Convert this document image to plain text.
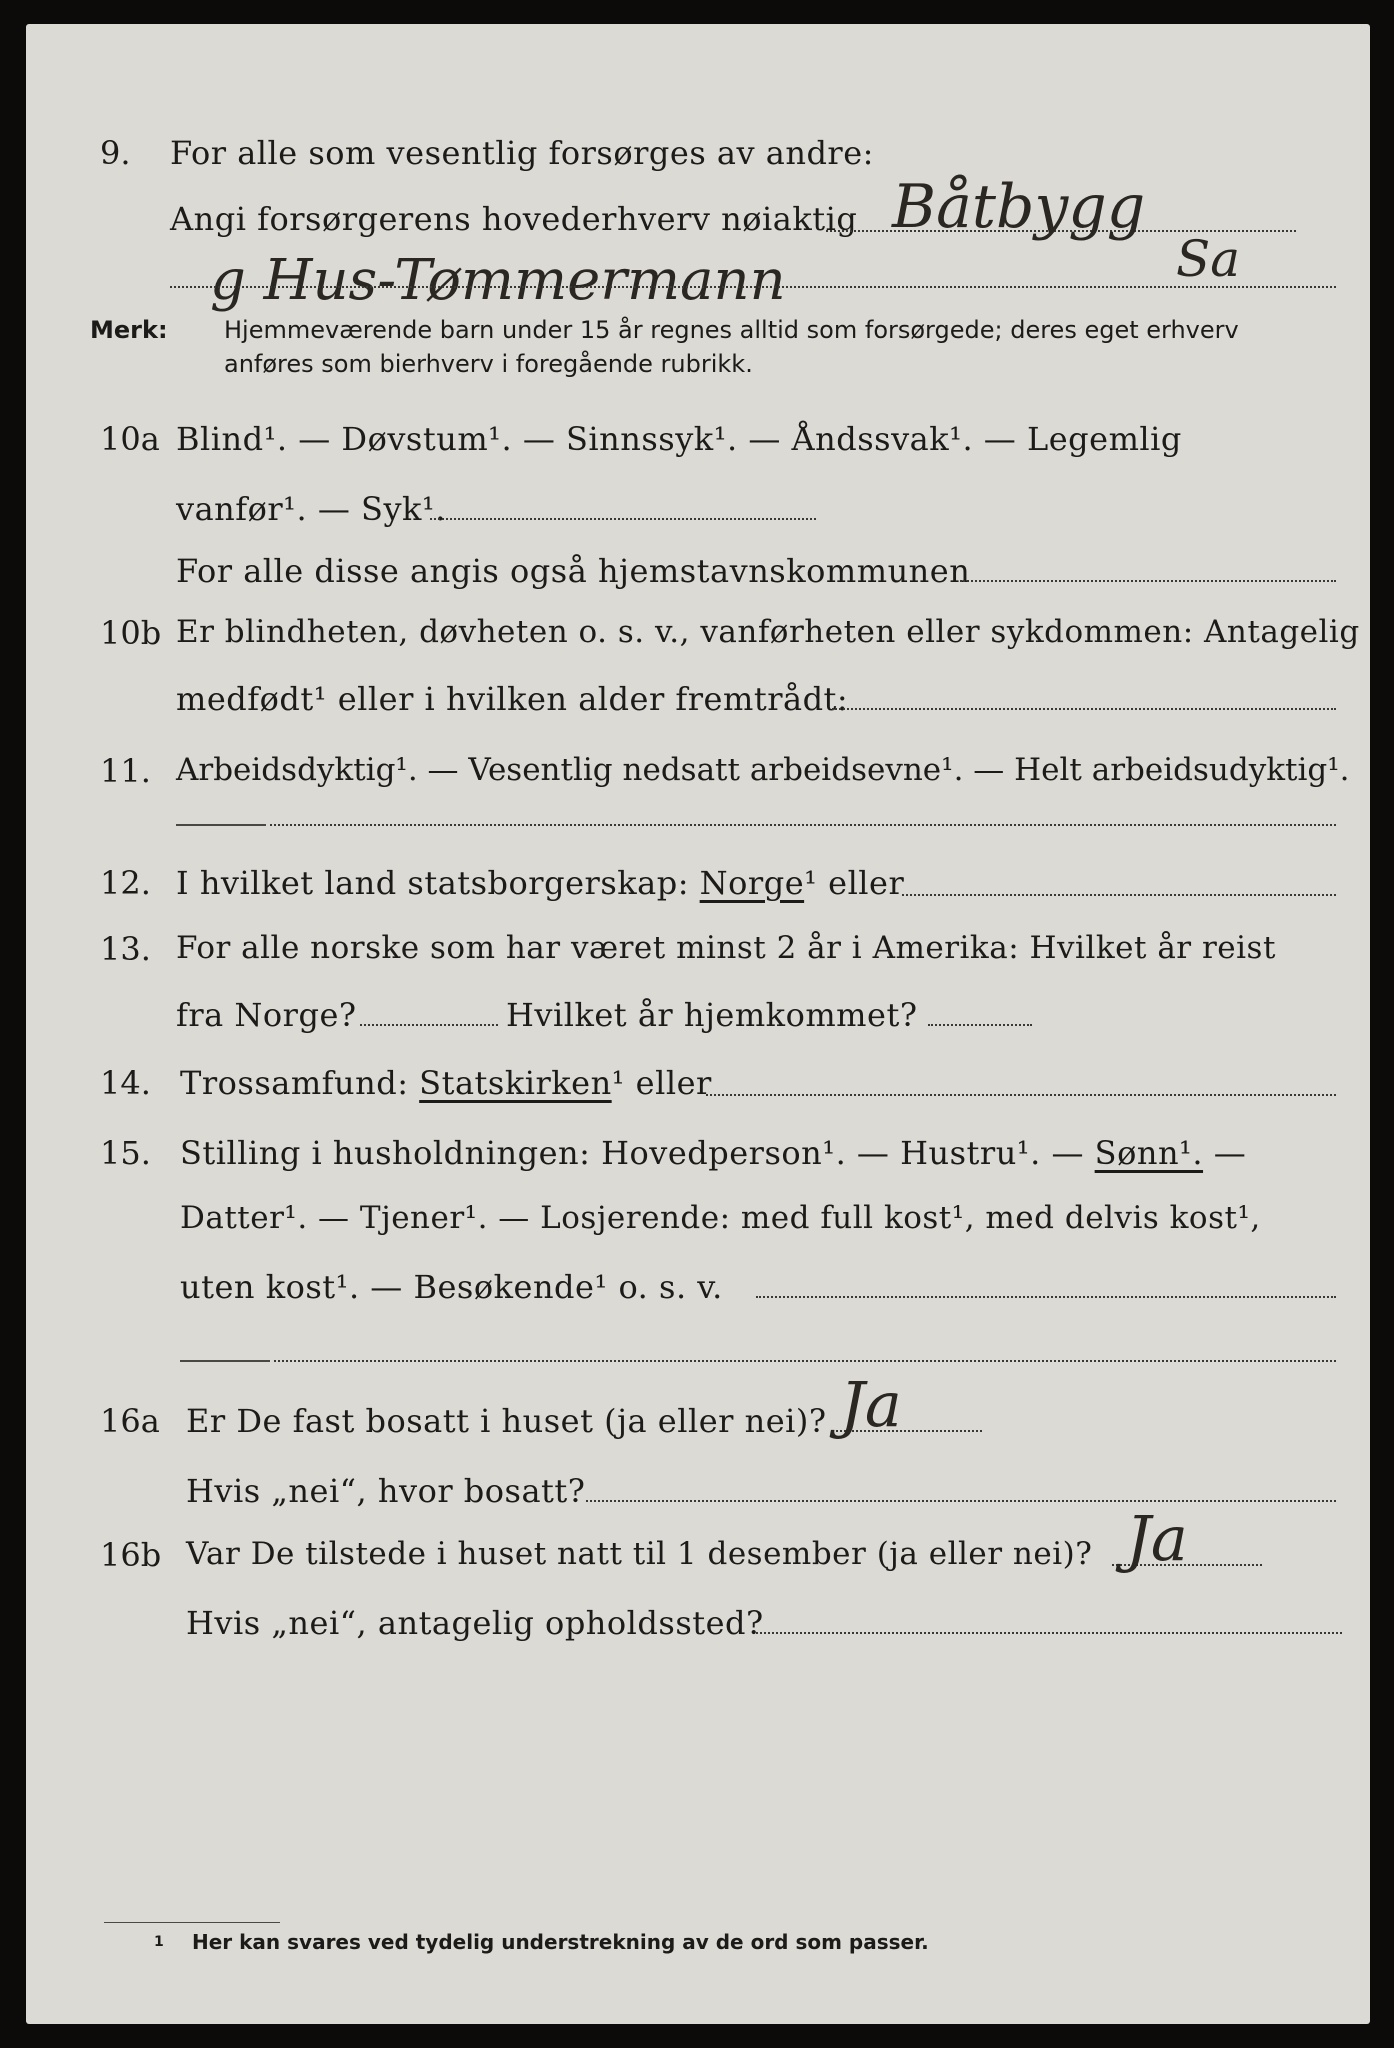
9. For alle som vesentlig forsørges av andre:
Angi forsørgerens hovederhverv nøiaktig Båtbygg
g Hus-Tømmermann	Sa
Merk: Hjemmeværende barn under 15 år regnes alltid som forsørgede; deres eget erhverv
anføres som bierhverv i foregående rubrikk.
10a Blind¹. — Døvstum¹. — Sinnssyk¹. — Åndssvak¹. — Legemlig
vanfør¹. — Syk¹.
For alle disse angis også hjemstavnskommunen
10b Er blindheten, døvheten o. s. v., vanførheten eller sykdommen: Antagelig
medfødt¹ eller i hvilken alder fremtrådt:
11. Arbeidsdyktig¹. — Vesentlig nedsatt arbeidsevne¹. — Helt arbeidsudyktig¹.
12. I hvilket land statsborgerskap: Norge¹ eller
13. For alle norske som har været minst 2 år i Amerika: Hvilket år reist
fra Norge?	Hvilket år hjemkommet?
14. Trossamfund: Statskirken¹ eller
15. Stilling i husholdningen: Hovedperson¹. — Hustru¹. — Sønn¹. —
Datter¹. — Tjener¹. — Losjerende: med full kost¹, med delvis kost¹,
uten kost¹. — Besøkende¹ o. s. v.
16a Er De fast bosatt i huset (ja eller nei)? Ja
Hvis „nei“, hvor bosatt?
16b Var De tilstede i huset natt til 1 desember (ja eller nei)? Ja
Hvis „nei“, antagelig opholdssted?
1 Her kan svares ved tydelig understrekning av de ord som passer.
